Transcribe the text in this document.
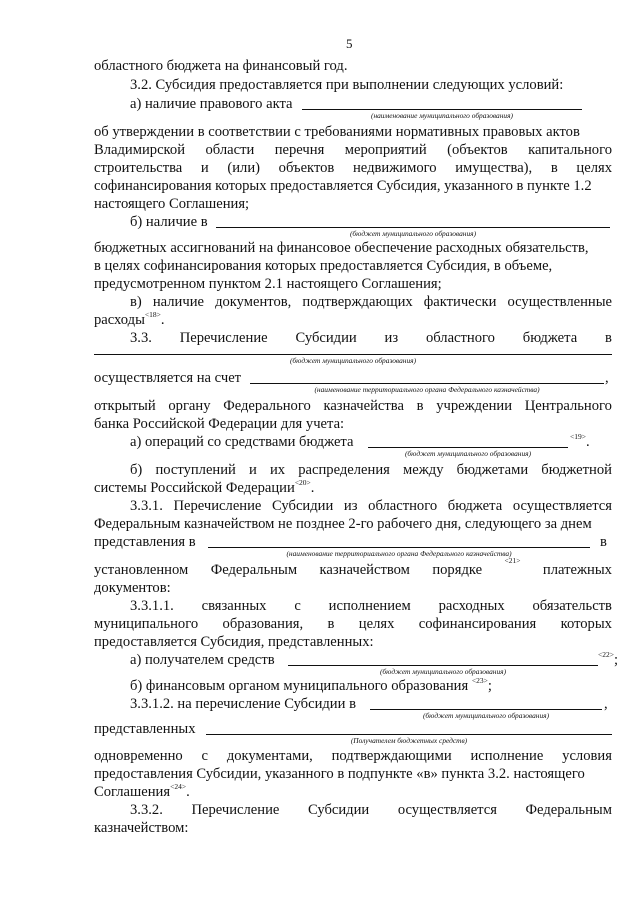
5
областного бюджета на финансовый год.
3.2. Субсидия предоставляется при выполнении следующих условий:
а) наличие правового акта
(наименование муниципального образования)
об утверждении в соответствии с требованиями нормативных правовых актов
Владимирской области перечня мероприятий (объектов капитального
строительства и (или) объектов недвижимого имущества), в целях
софинансирования которых предоставляется Субсидия, указанного в пункте 1.2
настоящего Соглашения;
б) наличие в
(бюджет муниципального образования)
бюджетных ассигнований на финансовое обеспечение расходных обязательств,
в целях софинансирования которых предоставляется Субсидия, в объеме,
предусмотренном пунктом 2.1 настоящего Соглашения;
в) наличие документов, подтверждающих фактически осуществленные
расходы$^{<18>}$.
3.3. Перечисление Субсидии из областного бюджета в
(бюджет муниципального образования)
осуществляется на счет	,
(наименование территориального органа Федерального казначейства)
открытый органу Федерального казначейства в учреждении Центрального
банка Российской Федерации для учета:
а) операций со средствами бюджета	$^{<19>}$.
(бюджет муниципального образования)
б) поступлений и их распределения между бюджетами бюджетной
системы Российской Федерации$^{<20>}$.
3.3.1. Перечисление Субсидии из областного бюджета осуществляется
Федеральным казначейством не позднее 2-го рабочего дня, следующего за днем
представления в	в
(наименование территориального органа Федерального казначейства)
установленном Федеральным казначейством порядке
$^{<21>}$
платежных
документов:
3.3.1.1. связанных с исполнением расходных обязательств
муниципального образования, в целях софинансирования которых
предоставляется Субсидия, представленных:
а) получателем средств	$^{<22>}$;
(бюджет муниципального образования)
б) финансовым органом муниципального образования $^{<23>}$;
3.3.1.2. на перечисление Субсидии в	,
(бюджет муниципального образования)
представленных
(Получателем бюджетных средств)
одновременно с документами, подтверждающими исполнение условия
предоставления Субсидии, указанного в подпункте «в» пункта 3.2. настоящего
Соглашения$^{<24>}$.
3.3.2. Перечисление Субсидии осуществляется Федеральным
казначейством:
